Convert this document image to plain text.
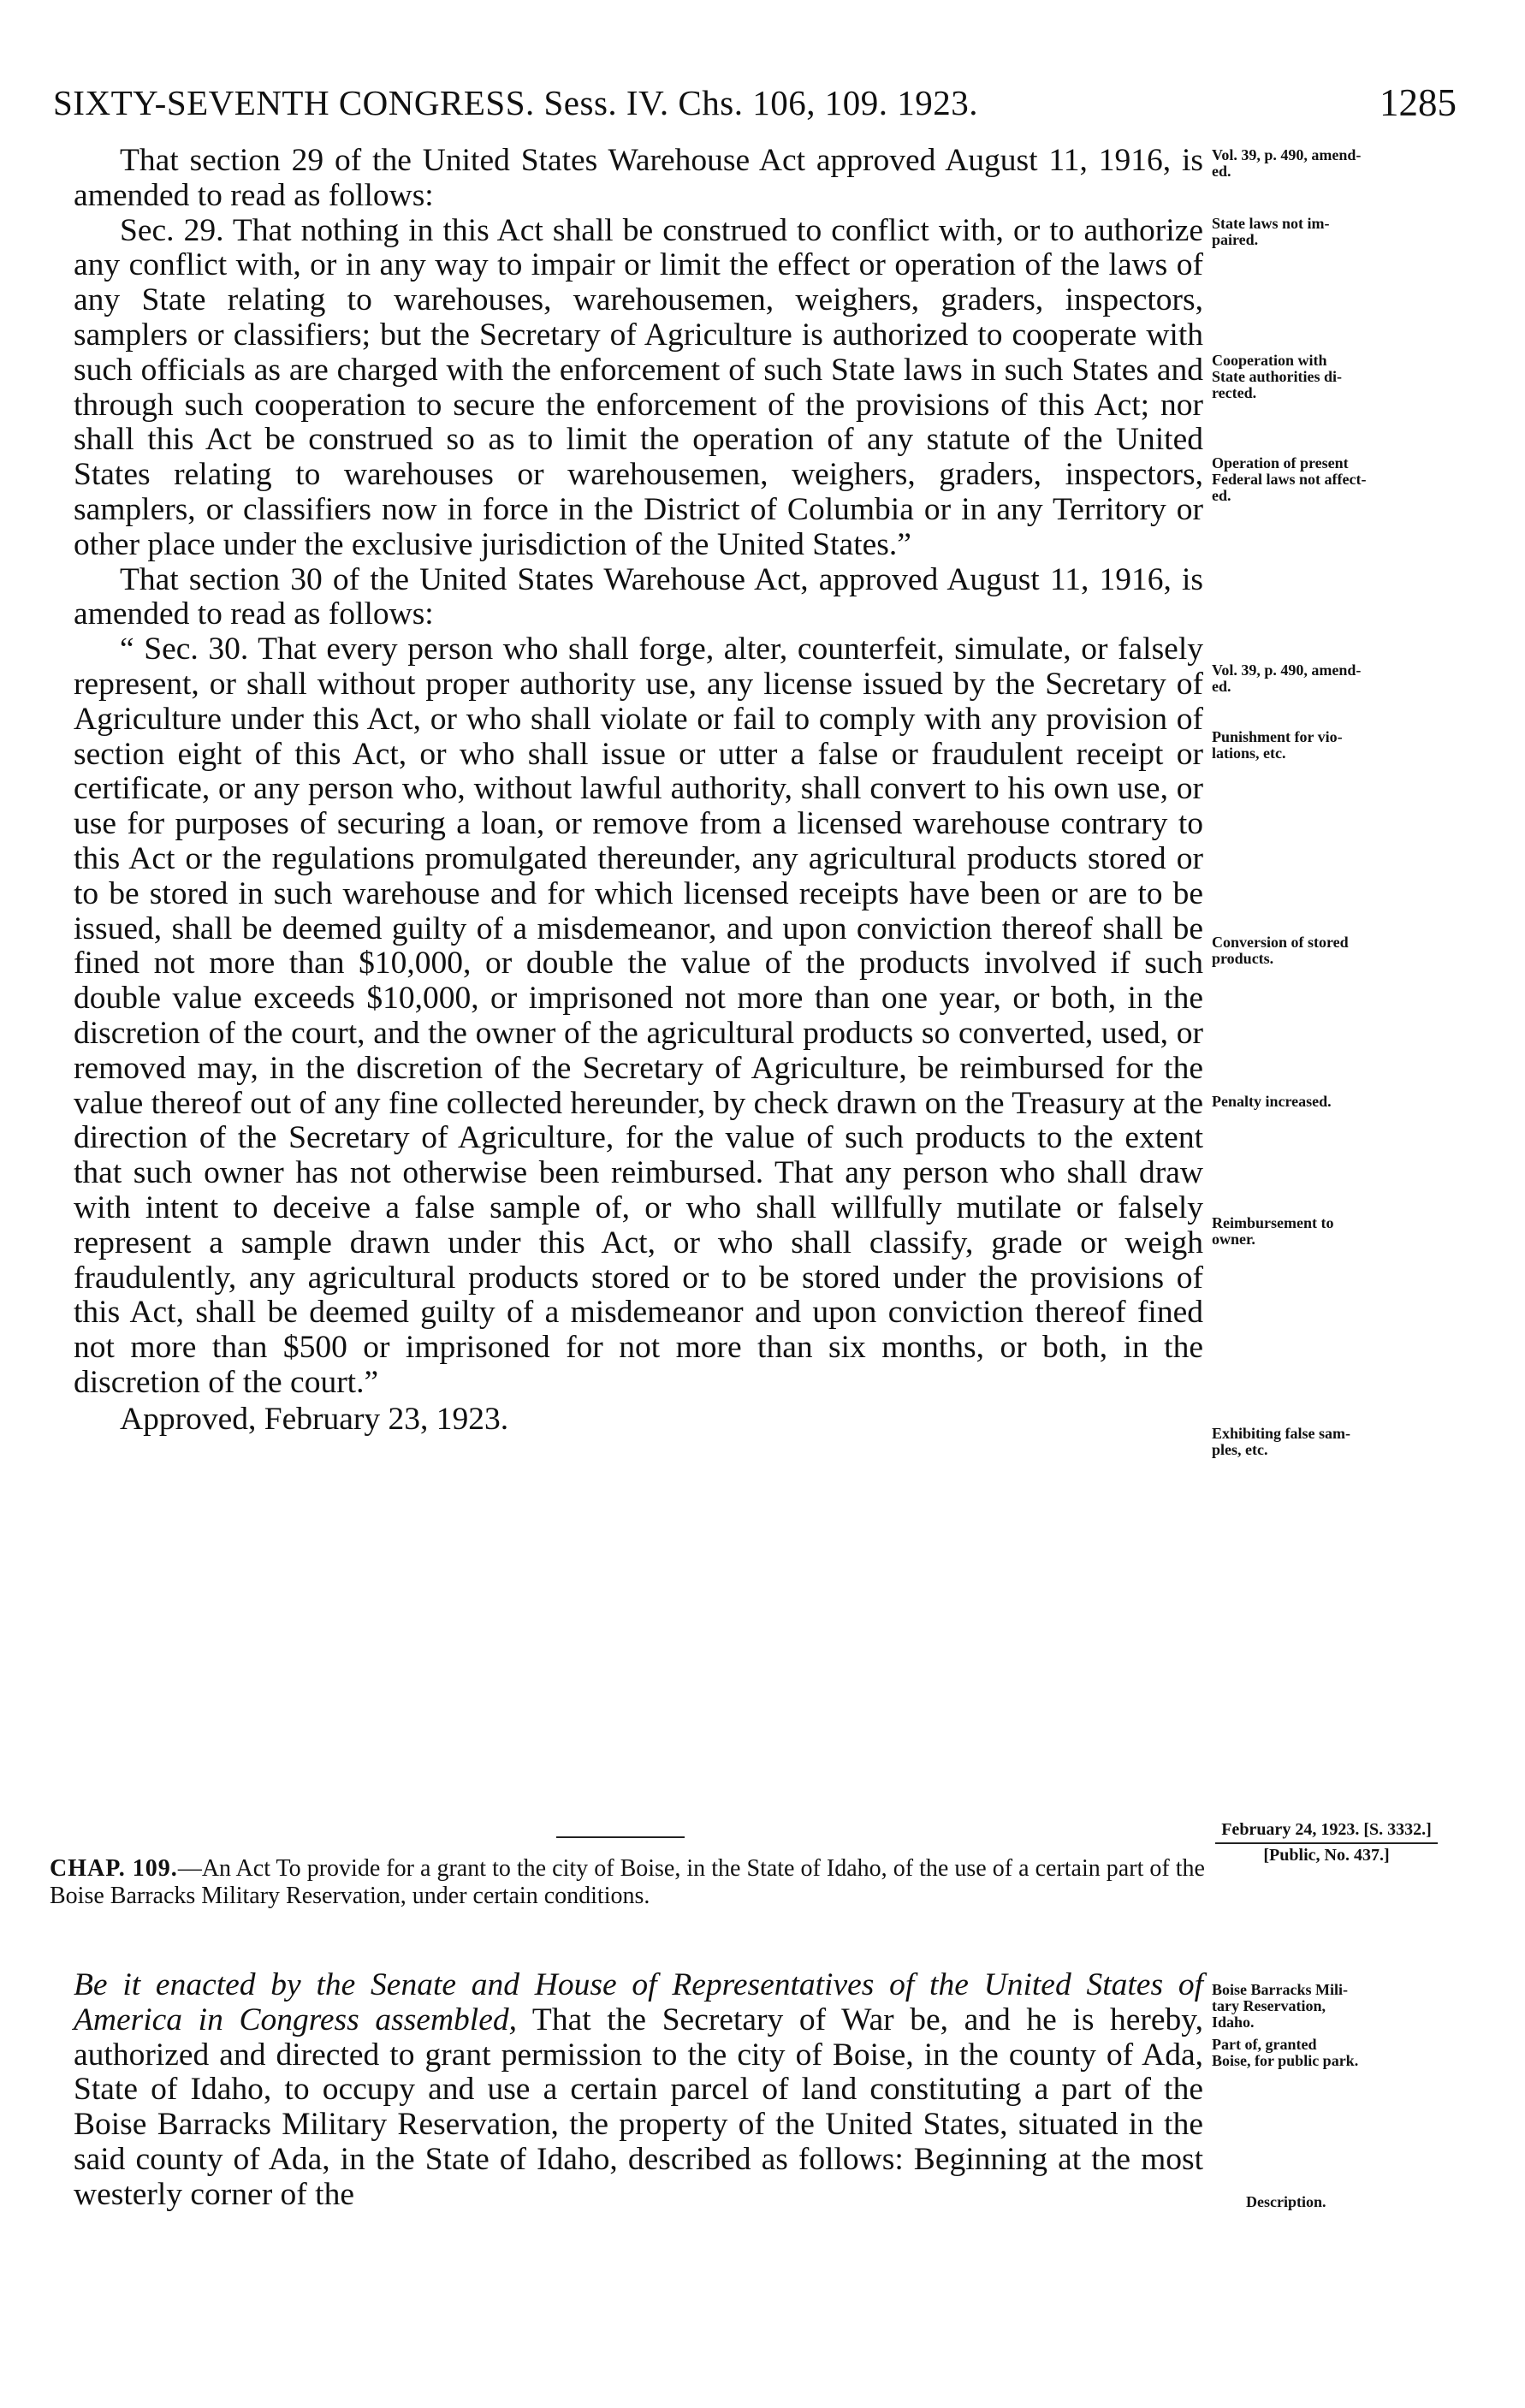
SIXTY-SEVENTH CONGRESS. Sess. IV. Chs. 106, 109. 1923.	1285

That section 29 of the United States Warehouse Act approved August 11, 1916, is amended to read as follows:

Sec. 29. That nothing in this Act shall be construed to conflict with, or to authorize any conflict with, or in any way to impair or limit the effect or operation of the laws of any State relating to warehouses, warehousemen, weighers, graders, inspectors, samplers or classifiers; but the Secretary of Agriculture is authorized to cooperate with such officials as are charged with the enforcement of such State laws in such States and through such cooperation to secure the enforcement of the provisions of this Act; nor shall this Act be construed so as to limit the operation of any statute of the United States relating to warehouses or warehousemen, weighers, graders, inspectors, samplers, or classifiers now in force in the District of Columbia or in any Territory or other place under the exclusive jurisdiction of the United States.”

That section 30 of the United States Warehouse Act, approved August 11, 1916, is amended to read as follows:

“ Sec. 30. That every person who shall forge, alter, counterfeit, simulate, or falsely represent, or shall without proper authority use, any license issued by the Secretary of Agriculture under this Act, or who shall violate or fail to comply with any provision of section eight of this Act, or who shall issue or utter a false or fraudulent receipt or certificate, or any person who, without lawful authority, shall convert to his own use, or use for purposes of securing a loan, or remove from a licensed warehouse contrary to this Act or the regulations promulgated thereunder, any agricultural products stored or to be stored in such warehouse and for which licensed receipts have been or are to be issued, shall be deemed guilty of a misdemeanor, and upon conviction thereof shall be fined not more than $10,000, or double the value of the products involved if such double value exceeds $10,000, or imprisoned not more than one year, or both, in the discretion of the court, and the owner of the agricultural products so converted, used, or removed may, in the discretion of the Secretary of Agriculture, be reimbursed for the value thereof out of any fine collected hereunder, by check drawn on the Treasury at the direction of the Secretary of Agriculture, for the value of such products to the extent that such owner has not otherwise been reimbursed. That any person who shall draw with intent to deceive a false sample of, or who shall willfully mutilate or falsely represent a sample drawn under this Act, or who shall classify, grade or weigh fraudulently, any agricultural products stored or to be stored under the provisions of this Act, shall be deemed guilty of a misdemeanor and upon conviction thereof fined not more than $500 or imprisoned for not more than six months, or both, in the discretion of the court.”

Approved, February 23, 1923.

February 24, 1923. [S. 3332.]
[Public, No. 437.]
CHAP. 109.—An Act To provide for a grant to the city of Boise, in the State of Idaho, of the use of a certain part of the Boise Barracks Military Reservation, under certain conditions.
Be it enacted by the Senate and House of Representatives of the United States of America in Congress assembled, That the Secretary of War be, and he is hereby, authorized and directed to grant permission to the city of Boise, in the county of Ada, State of Idaho, to occupy and use a certain parcel of land constituting a part of the Boise Barracks Military Reservation, the property of the United States, situated in the said county of Ada, in the State of Idaho, described as follows: Beginning at the most westerly corner of the
Vol. 39, p. 490, amend-
ed.
State laws not im-
paired.
Cooperation with
State authorities di-
rected.
Operation of present
Federal laws not affect-
ed.
Vol. 39, p. 490, amend-
ed.
Punishment for vio-
lations, etc.
Conversion of stored
products.
Penalty increased.
Reimbursement to
owner.
Exhibiting false sam-
ples, etc.
Boise Barracks Mili-
tary Reservation,
Idaho.
Part of, granted
Boise, for public park.
Description.
